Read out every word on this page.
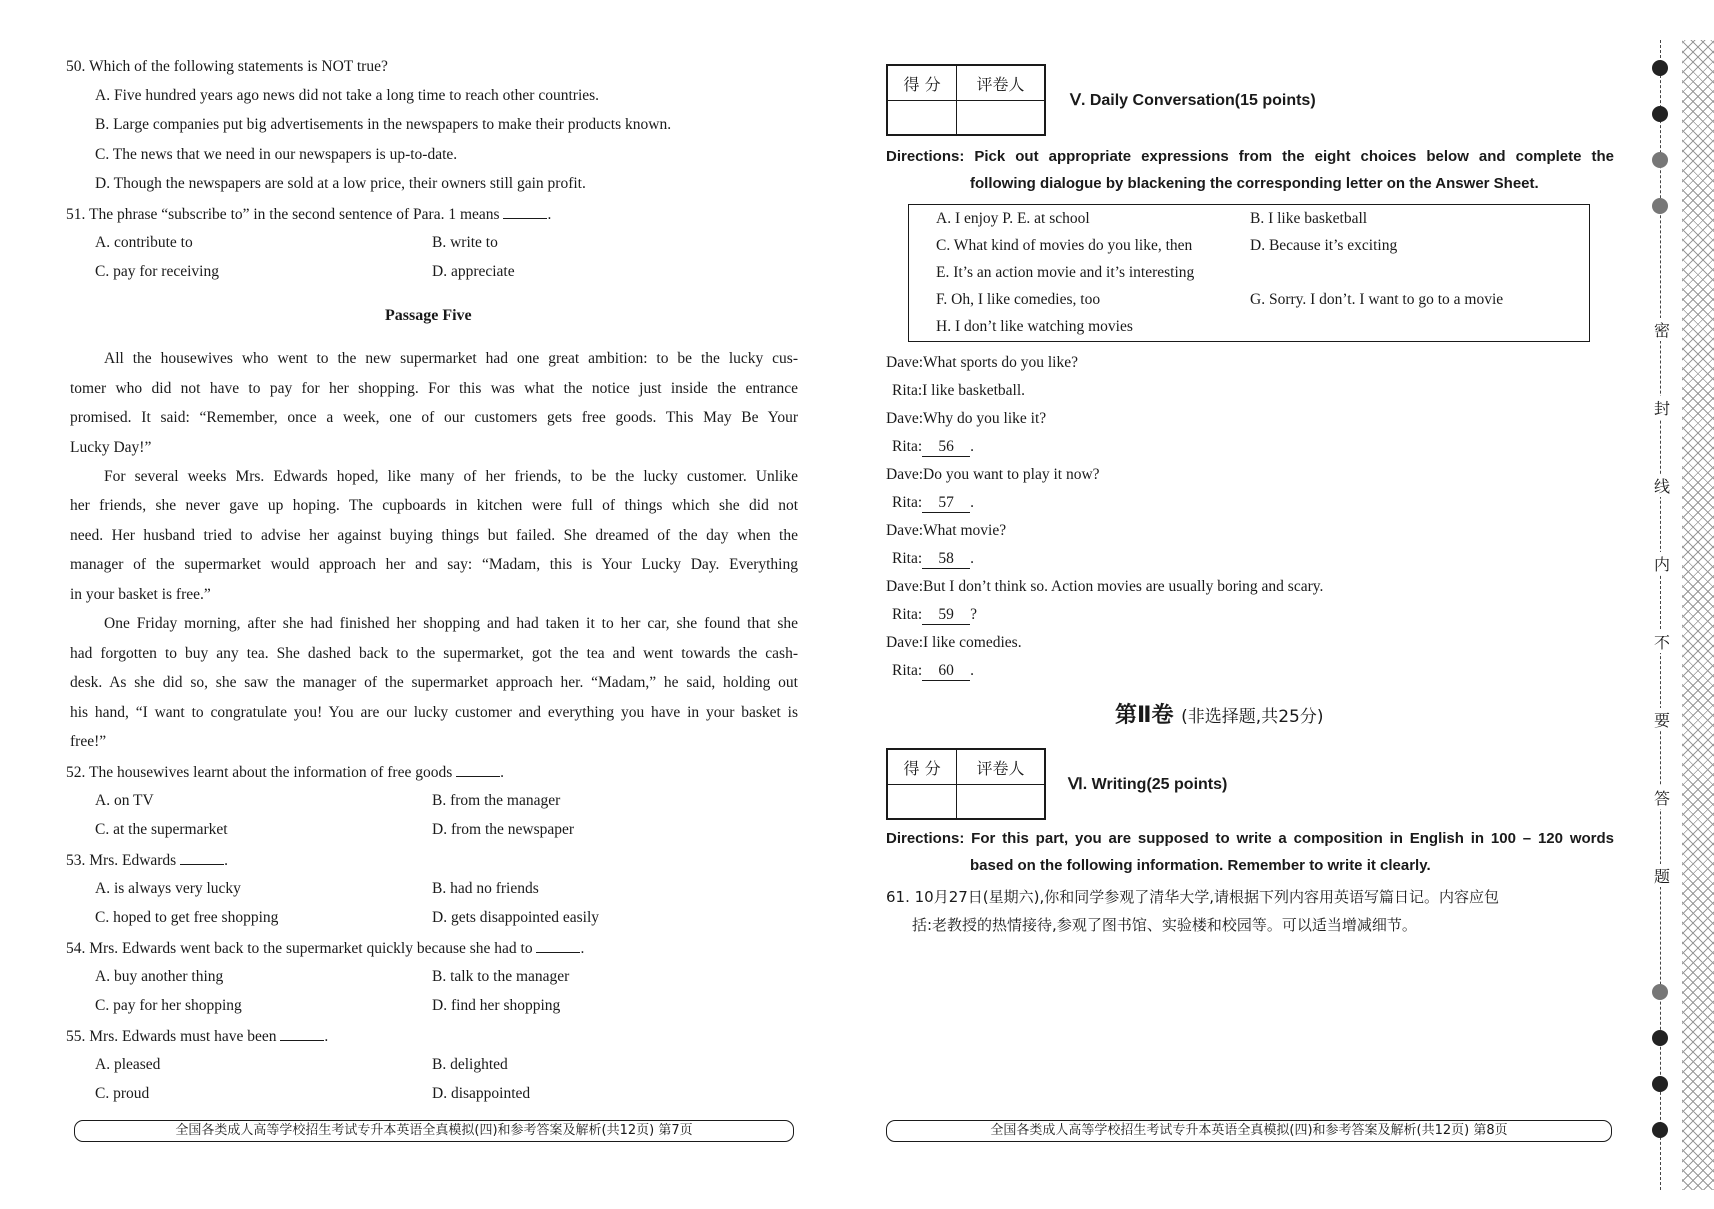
50. Which of the following statements is NOT true?
A. Five hundred years ago news did not take a long time to reach other countries.
B. Large companies put big advertisements in the newspapers to make their products known.
C. The news that we need in our newspapers is up-to-date.
D. Though the newspapers are sold at a low price, their owners still gain profit.
51. The phrase “subscribe to” in the second sentence of Para. 1 means	.
A. contribute to	B. write to
C. pay for receiving	D. appreciate
Passage Five
All the housewives who went to the new supermarket had one great ambition: to be the lucky cus-
tomer who did not have to pay for her shopping. For this was what the notice just inside the entrance
promised. It said: “Remember, once a week, one of our customers gets free goods. This May Be Your
Lucky Day!”
For several weeks Mrs. Edwards hoped, like many of her friends, to be the lucky customer. Unlike
her friends, she never gave up hoping. The cupboards in kitchen were full of things which she did not
need. Her husband tried to advise her against buying things but failed. She dreamed of the day when the
manager of the supermarket would approach her and say: “Madam, this is Your Lucky Day. Everything
in your basket is free.”
One Friday morning, after she had finished her shopping and had taken it to her car, she found that she
had forgotten to buy any tea. She dashed back to the supermarket, got the tea and went towards the cash-
desk. As she did so, she saw the manager of the supermarket approach her. “Madam,” he said, holding out
his hand, “I want to congratulate you! You are our lucky customer and everything you have in your basket is
free!”
52. The housewives learnt about the information of free goods	.
A. on TV	B. from the manager
C. at the supermarket	D. from the newspaper
53. Mrs. Edwards	.
A. is always very lucky	B. had no friends
C. hoped to get free shopping	D. gets disappointed easily
54. Mrs. Edwards went back to the supermarket quickly because she had to	.
A. buy another thing	B. talk to the manager
C. pay for her shopping	D. find her shopping
55. Mrs. Edwards must have been	.
A. pleased	B. delighted
C. proud	D. disappointed
全国各类成人高等学校招生考试专升本英语全真模拟(四)和参考答案及解析(共12页) 第7页
得 分	评卷人

Ⅴ. Daily Conversation(15 points)
Directions: Pick out appropriate expressions from the eight choices below and complete the
following dialogue by blackening the corresponding letter on the Answer Sheet.
A. I enjoy P. E. at school	B. I like basketball
C. What kind of movies do you like, then	D. Because it’s exciting
E. It’s an action movie and it’s interesting
F. Oh, I like comedies, too	G. Sorry. I don’t. I want to go to a movie
H. I don’t like watching movies
Dave:What sports do you like?
Rita:I like basketball.
Dave:Why do you like it?
Rita: 56 .
Dave:Do you want to play it now?
Rita: 57 .
Dave:What movie?
Rita: 58 .
Dave:But I don’t think so. Action movies are usually boring and scary.
Rita: 59 ?
Dave:I like comedies.
Rita: 60 .
第Ⅱ卷 (非选择题,共25分)
得 分	评卷人

Ⅵ. Writing(25 points)
Directions: For this part, you are supposed to write a composition in English in 100 – 120 words
based on the following information. Remember to write it clearly.
61. 10月27日(星期六),你和同学参观了清华大学,请根据下列内容用英语写篇日记。内容应包
括:老教授的热情接待,参观了图书馆、实验楼和校园等。可以适当增减细节。
全国各类成人高等学校招生考试专升本英语全真模拟(四)和参考答案及解析(共12页) 第8页
密
封
线
内
不
要
答
题
